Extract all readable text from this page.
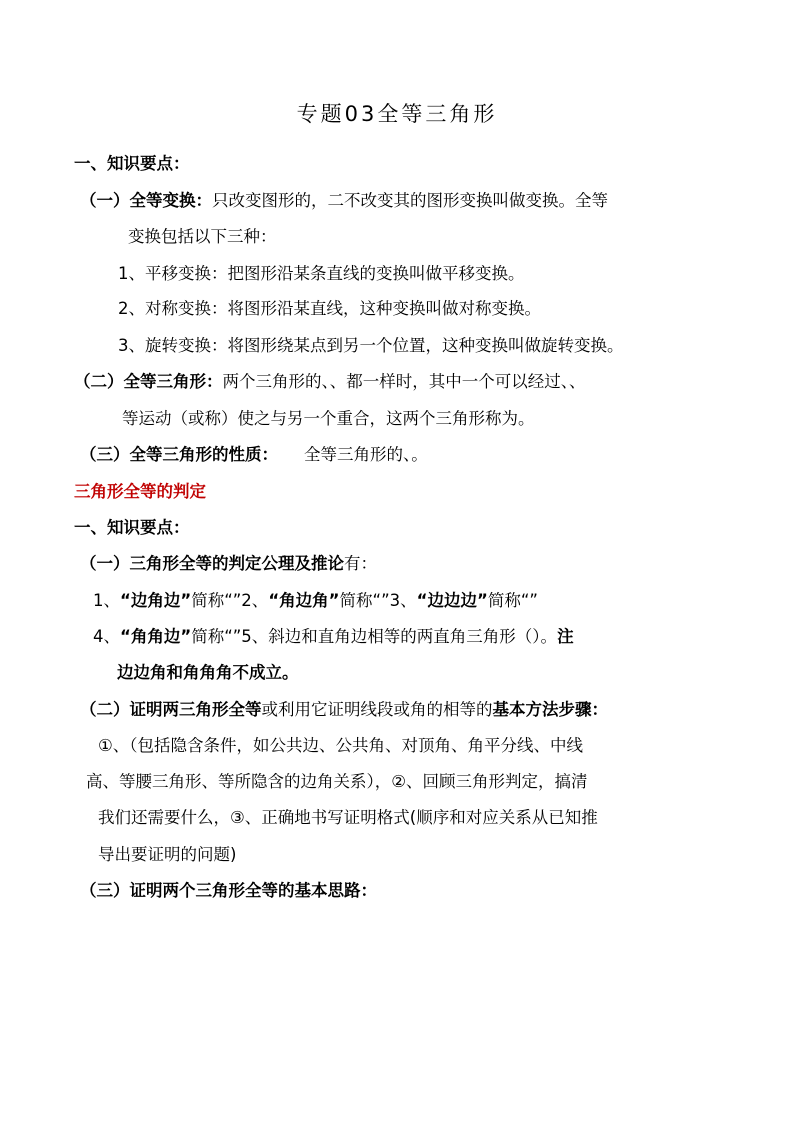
专题03全等三角形
一、知识要点：
（一）全等变换：只改变图形的，二不改变其的图形变换叫做变换。全等
变换包括以下三种：
1、平移变换：把图形沿某条直线的变换叫做平移变换。
2、对称变换：将图形沿某直线，这种变换叫做对称变换。
3、旋转变换：将图形绕某点到另一个位置，这种变换叫做旋转变换。
（二）全等三角形：两个三角形的、、都一样时，其中一个可以经过、、
等运动（或称）使之与另一个重合，这两个三角形称为。
（三）全等三角形的性质： 全等三角形的、。
三角形全等的判定
一、知识要点：
（一）三角形全等的判定公理及推论有：
1、“边角边”简称“”2、“角边角”简称“”3、“边边边”简称“”
4、“角角边”简称“”5、斜边和直角边相等的两直角三角形（）。注
边边角和角角角不成立。
（二）证明两三角形全等或利用它证明线段或角的相等的基本方法步骤：
①、（包括隐含条件，如公共边、公共角、对顶角、角平分线、中线
高、等腰三角形、等所隐含的边角关系），②、回顾三角形判定，搞清
我们还需要什么，③、正确地书写证明格式(顺序和对应关系从已知推
导出要证明的问题)
（三）证明两个三角形全等的基本思路：
